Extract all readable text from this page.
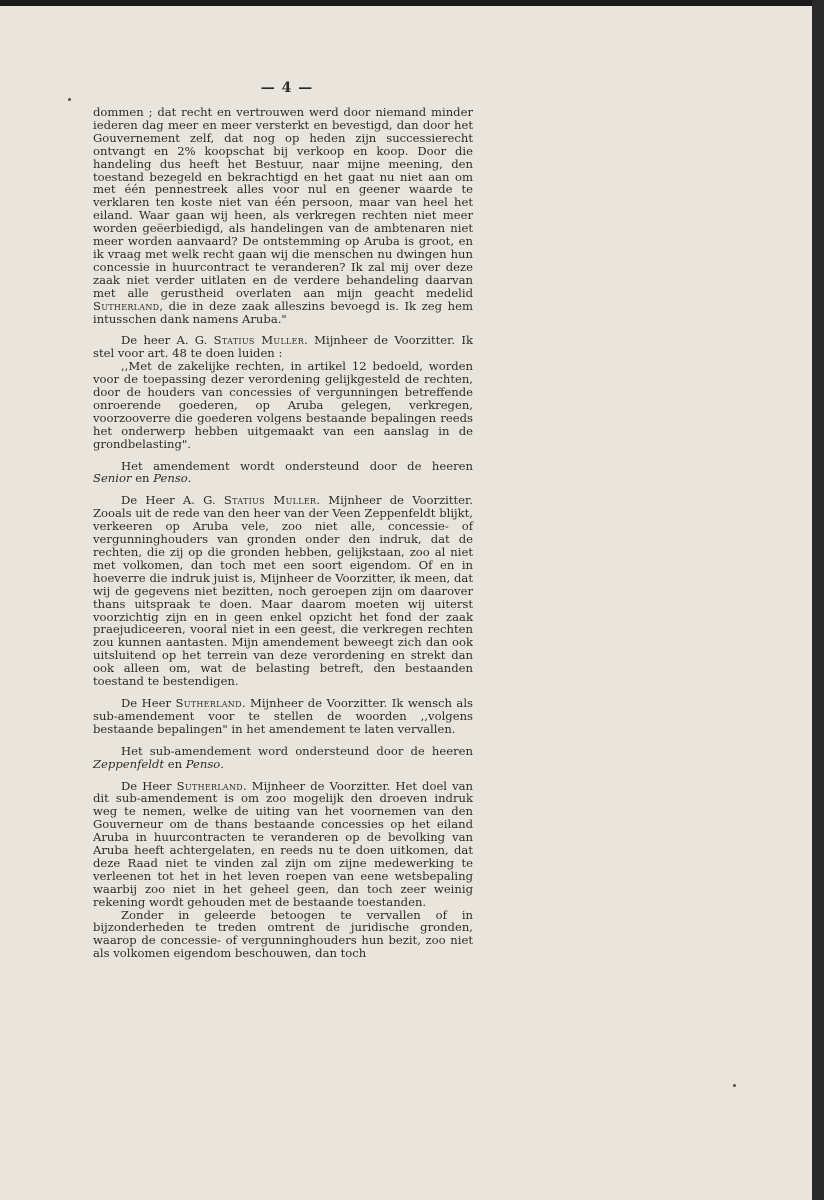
— 4 —

dommen ; dat recht en vertrouwen werd door niemand minder iederen dag meer en meer versterkt en bevestigd, dan door het Gouvernement zelf, dat nog op heden zijn successierecht ontvangt en 2% koopschat bij verkoop en koop. Door die handeling dus heeft het Bestuur, naar mijne meening, den toestand bezegeld en bekrachtigd en het gaat nu niet aan om met één pennestreek alles voor nul en geener waarde te verklaren ten koste niet van één persoon, maar van heel het eiland. Waar gaan wij heen, als verkregen rechten niet meer worden geëerbiedigd, als handelingen van de ambtenaren niet meer worden aanvaard? De ontstemming op Aruba is groot, en ik vraag met welk recht gaan wij die menschen nu dwingen hun concessie in huurcontract te veranderen? Ik zal mij over deze zaak niet verder uitlaten en de verdere behandeling daarvan met alle gerustheid overlaten aan mijn geacht medelid Sutherland, die in deze zaak alleszins bevoegd is. Ik zeg hem intusschen dank namens Aruba."

De heer A. G. Statius Muller. Mijnheer de Voorzitter. Ik stel voor art. 48 te doen luiden :

,,Met de zakelijke rechten, in artikel 12 bedoeld, worden voor de toepassing dezer verordening gelijkgesteld de rechten, door de houders van concessies of vergunningen betreffende onroerende goederen, op Aruba gelegen, verkregen, voorzooverre die goederen volgens bestaande bepalingen reeds het onderwerp hebben uitgemaakt van een aanslag in de grondbelasting".

Het amendement wordt ondersteund door de heeren Senior en Penso.

De Heer A. G. Statius Muller. Mijnheer de Voorzitter. Zooals uit de rede van den heer van der Veen Zeppenfeldt blijkt, verkeeren op Aruba vele, zoo niet alle, concessie- of vergunninghouders van gronden onder den indruk, dat de rechten, die zij op die gronden hebben, gelijkstaan, zoo al niet met volkomen, dan toch met een soort eigendom. Of en in hoeverre die indruk juist is, Mijnheer de Voorzitter, ik meen, dat wij de gegevens niet bezitten, noch geroepen zijn om daarover thans uitspraak te doen. Maar daarom moeten wij uiterst voorzichtig zijn en in geen enkel opzicht het fond der zaak praejudiceeren, vooral niet in een geest, die verkregen rechten zou kunnen aantasten. Mijn amendement beweegt zich dan ook uitsluitend op het terrein van deze verordening en strekt dan ook alleen om, wat de belasting betreft, den bestaanden toestand te bestendigen.

De Heer Sutherland. Mijnheer de Voorzitter. Ik wensch als sub-amendement voor te stellen de woorden ,,volgens bestaande bepalingen" in het amendement te laten vervallen.

Het sub-amendement word ondersteund door de heeren Zeppenfeldt en Penso.

De Heer Sutherland. Mijnheer de Voorzitter. Het doel van dit sub-amendement is om zoo mogelijk den droeven indruk weg te nemen, welke de uiting van het voornemen van den Gouverneur om de thans bestaande concessies op het eiland Aruba in huurcontracten te veranderen op de bevolking van Aruba heeft achtergelaten, en reeds nu te doen uitkomen, dat deze Raad niet te vinden zal zijn om zijne medewerking te verleenen tot het in het leven roepen van eene wetsbepaling waarbij zoo niet in het geheel geen, dan toch zeer weinig rekening wordt gehouden met de bestaande toestanden.

Zonder in geleerde betoogen te vervallen of in bijzonderheden te treden omtrent de juridische gronden, waarop de concessie- of vergunninghouders hun bezit, zoo niet als volkomen eigendom beschouwen, dan toch
